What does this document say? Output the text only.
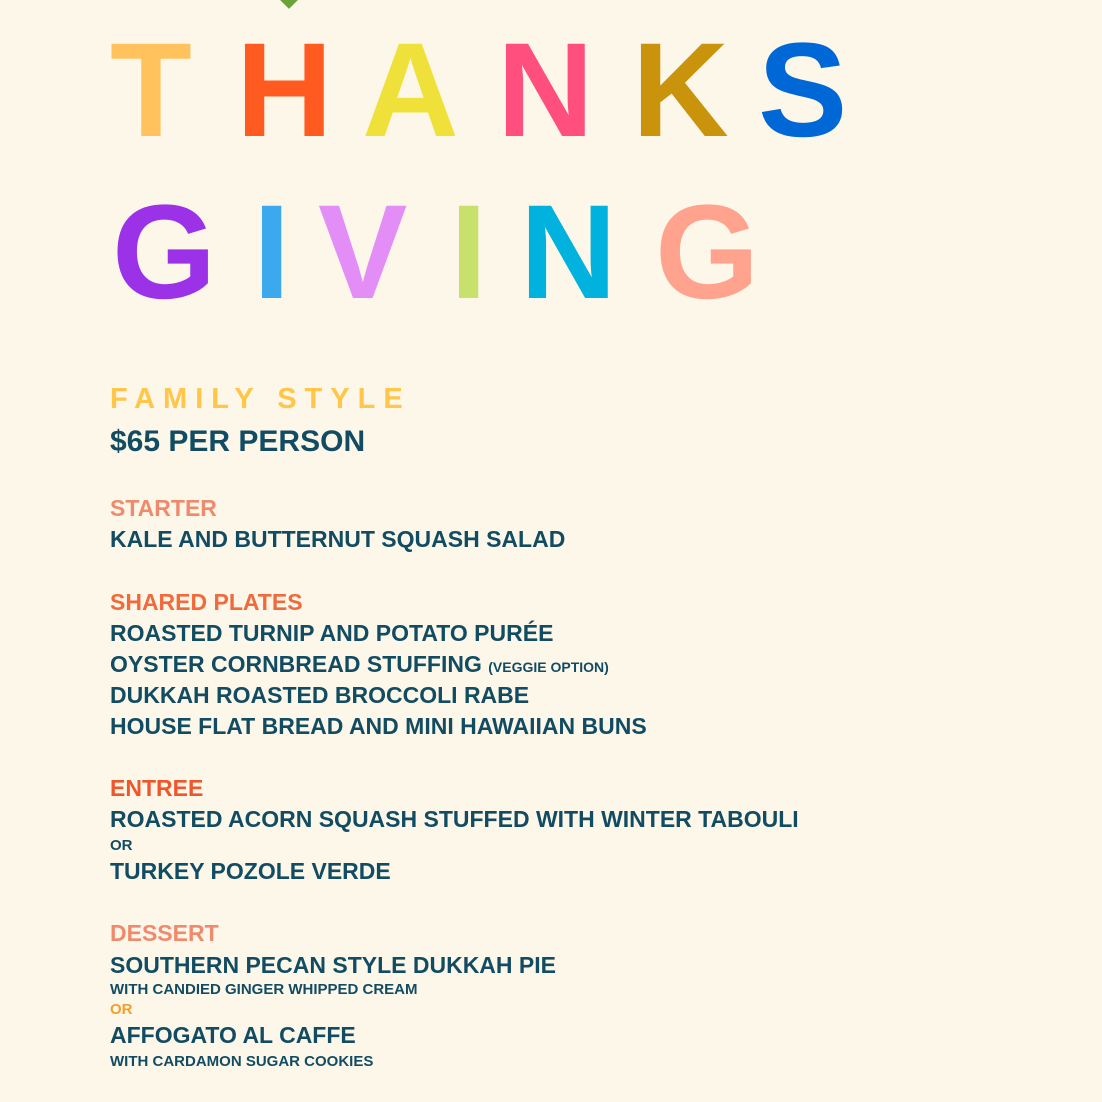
T H A N K S
G I V I N G
FAMILY STYLE
$65 PER PERSON
STARTER
KALE AND BUTTERNUT SQUASH SALAD
SHARED PLATES
ROASTED TURNIP AND POTATO PURÉE
OYSTER CORNBREAD STUFFING (VEGGIE OPTION)
DUKKAH ROASTED BROCCOLI RABE
HOUSE FLAT BREAD AND MINI HAWAIIAN BUNS
ENTREE
ROASTED ACORN SQUASH STUFFED WITH WINTER TABOULI
OR
TURKEY POZOLE VERDE
DESSERT
SOUTHERN PECAN STYLE DUKKAH PIE
WITH CANDIED GINGER WHIPPED CREAM
OR
AFFOGATO AL CAFFE
WITH CARDAMON SUGAR COOKIES
